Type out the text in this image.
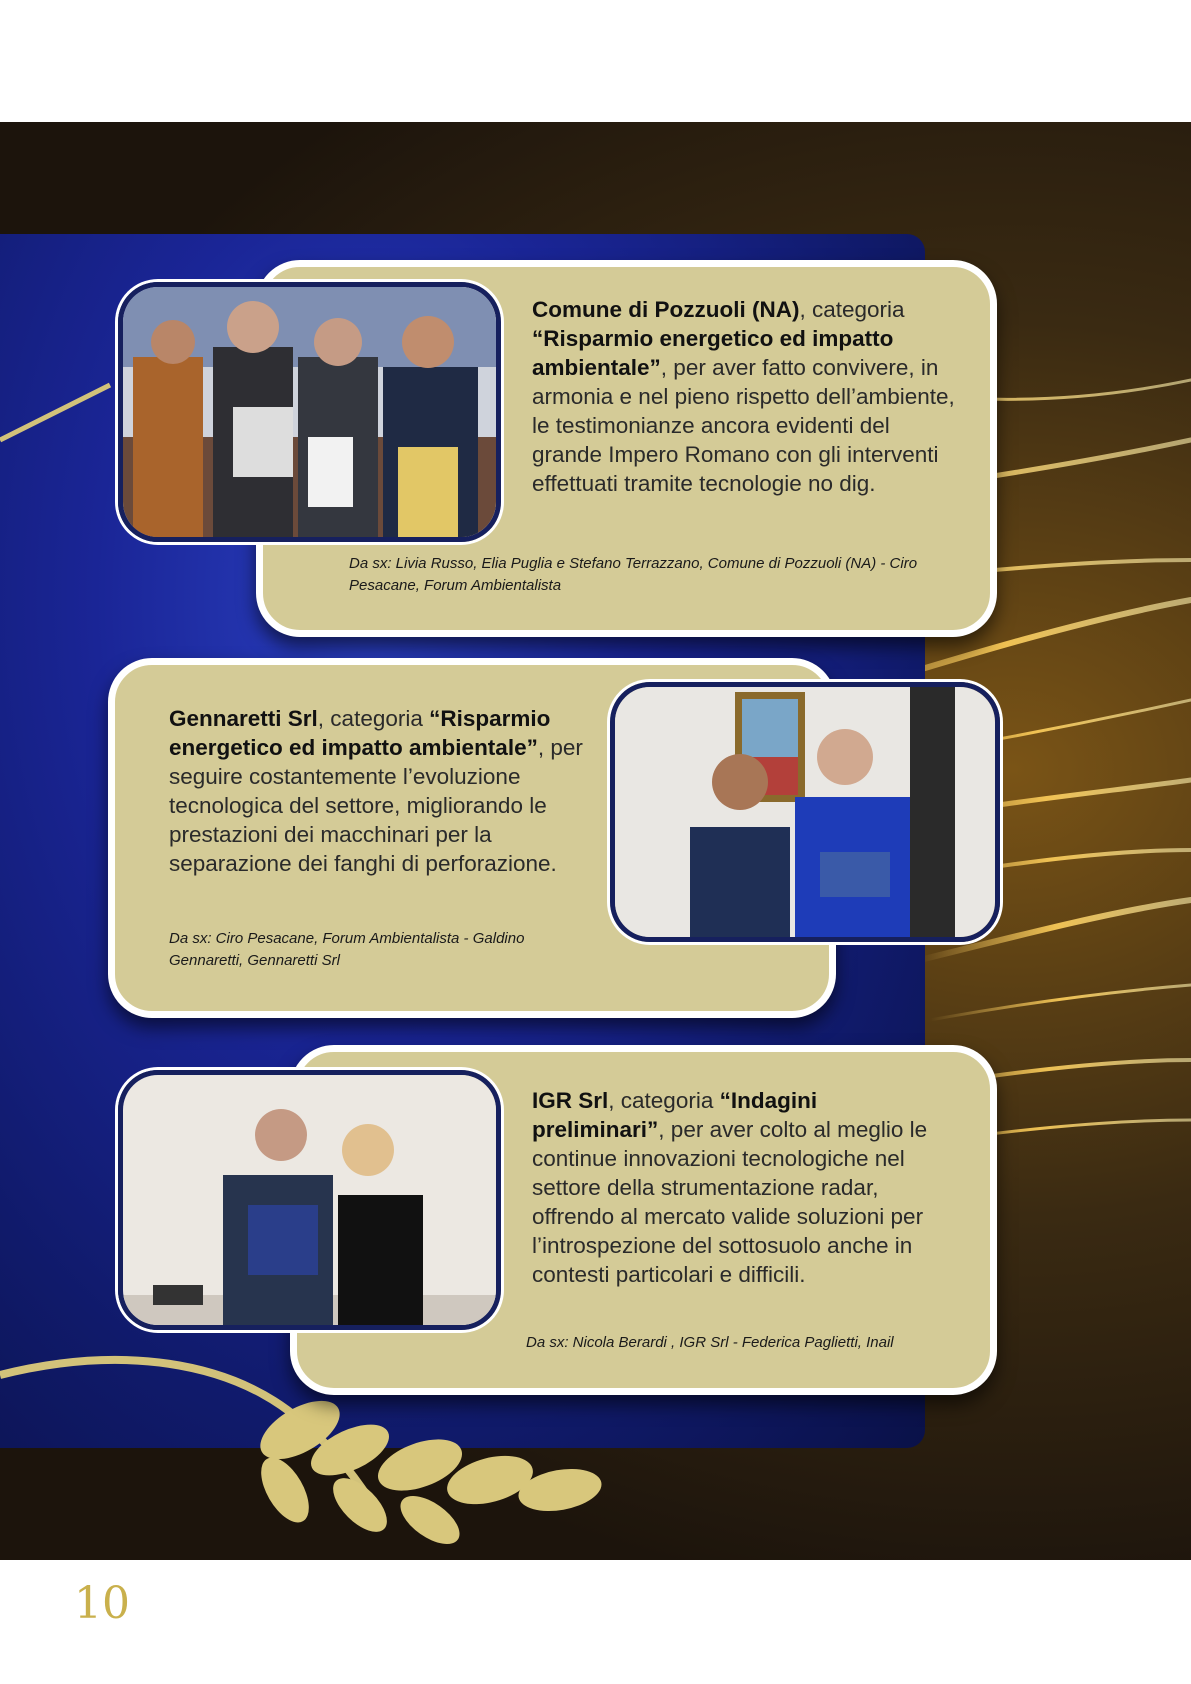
Comune di Pozzuoli (NA), categoria “Risparmio energetico ed impatto ambientale”, per aver fatto convivere, in armonia e nel pieno rispetto dell’ambiente, le testimonianze ancora evidenti del grande Impero Romano con gli interventi effettuati tramite tecnologie no dig.
Da sx: Livia Russo, Elia Puglia e Stefano Terrazzano, Comune di Pozzuoli (NA) - Ciro Pesacane, Forum Ambientalista
Gennaretti Srl, categoria “Risparmio energetico ed impatto ambientale”, per seguire costantemente l’evoluzione tecnologica del settore, migliorando le prestazioni dei macchinari per la separazione dei fanghi di perforazione.
Da sx: Ciro Pesacane, Forum Ambientalista - Galdino Gennaretti, Gennaretti Srl
IGR Srl, categoria “Indagini preliminari”, per aver colto al meglio le continue innovazioni tecnologiche nel settore della strumentazione radar, offrendo al mercato valide soluzioni per l’introspezione del sottosuolo anche in contesti particolari e difficili.
Da sx: Nicola Berardi , IGR Srl - Federica Paglietti, Inail
10
